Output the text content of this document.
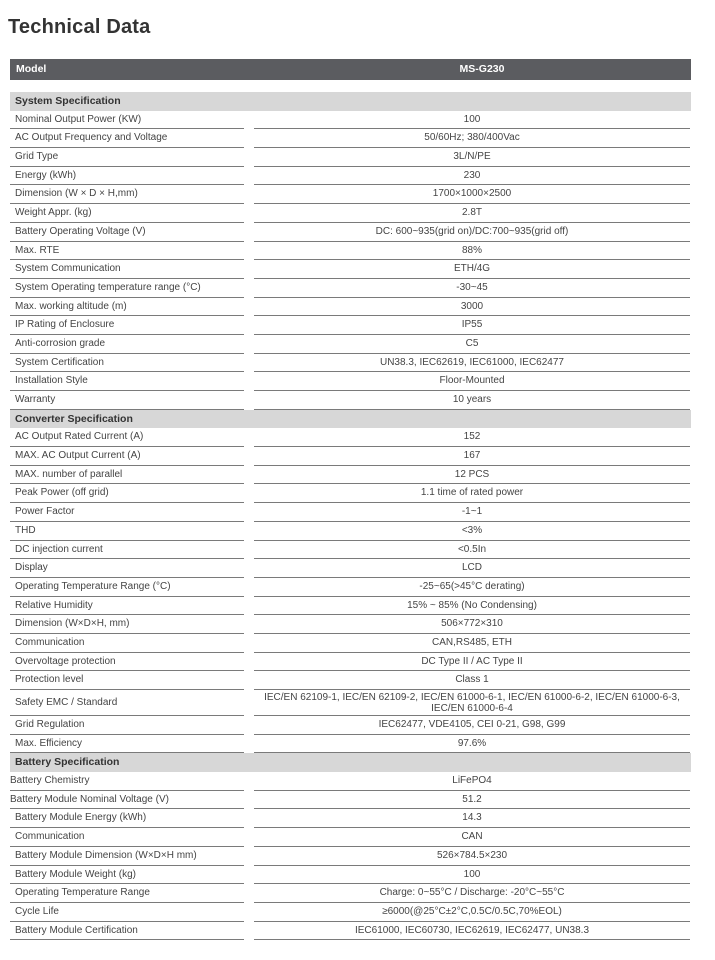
Technical Data
Model	MS-G230
System Specification
Nominal Output Power (KW)	100
AC Output Frequency and Voltage	50/60Hz; 380/400Vac
Grid Type	3L/N/PE
Energy (kWh)	230
Dimension (W × D × H,mm)	1700×1000×2500
Weight Appr. (kg)	2.8T
Battery Operating Voltage (V)	DC: 600~935(grid on)/DC:700~935(grid off)
Max. RTE	88%
System Communication	ETH/4G
System Operating temperature range (°C)	-30~45
Max. working altitude (m)	3000
IP Rating of Enclosure	IP55
Anti-corrosion grade	C5
System Certification	UN38.3, IEC62619, IEC61000, IEC62477
Installation Style	Floor-Mounted
Warranty	10 years
Converter Specification
AC Output Rated Current (A)	152
MAX. AC Output Current (A)	167
MAX. number of parallel	12 PCS
Peak Power (off grid)	1.1 time of rated power
Power Factor	-1~1
THD	<3%
DC injection current	<0.5In
Display	LCD
Operating Temperature Range (°C)	-25~65(>45°C derating)
Relative Humidity	15% ~ 85% (No Condensing)
Dimension (W×D×H, mm)	506×772×310
Communication	CAN,RS485, ETH
Overvoltage protection	DC Type II / AC Type II
Protection level	Class 1
Safety EMC / Standard	IEC/EN 62109-1, IEC/EN 62109-2, IEC/EN 61000-6-1, IEC/EN 61000-6-2, IEC/EN 61000-6-3, IEC/EN 61000-6-4
Grid Regulation	IEC62477, VDE4105, CEI 0-21, G98, G99
Max. Efficiency	97.6%
Battery Specification
Battery Chemistry	LiFePO4
Battery Module Nominal Voltage (V)	51.2
Battery Module Energy (kWh)	14.3
Communication	CAN
Battery Module Dimension (W×D×H mm)	526×784.5×230
Battery Module Weight (kg)	100
Operating Temperature Range	Charge: 0~55°C / Discharge: -20°C~55°C
Cycle Life	≥6000(@25°C±2°C,0.5C/0.5C,70%EOL)
Battery Module Certification	IEC61000, IEC60730, IEC62619, IEC62477, UN38.3
